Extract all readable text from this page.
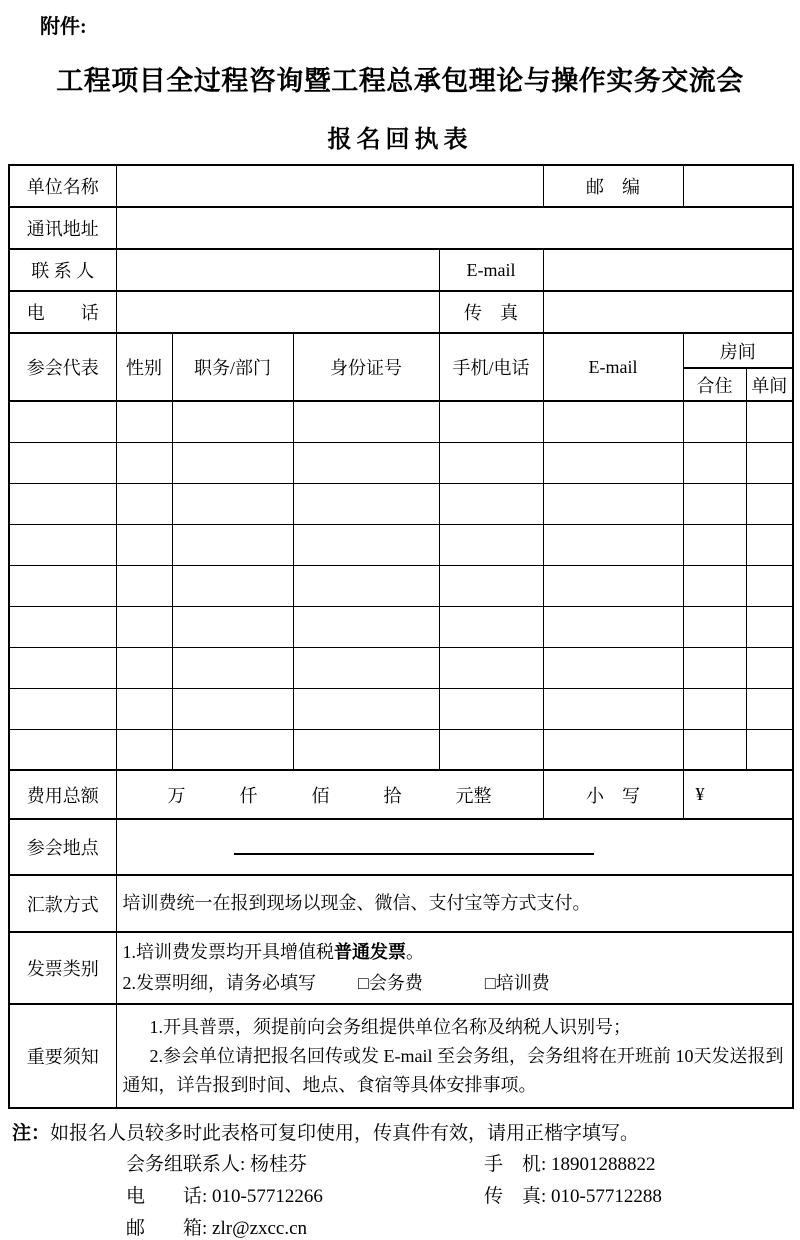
附件:
工程项目全过程咨询暨工程总承包理论与操作实务交流会
报名回执表
单位名称					邮　编		
通讯地址							
联 系 人				E-mail			
电　　话				传　真			
参会代表	性别	职务/部门	身份证号	手机/电话	E-mail	房间	
						合住	单间

费用总额	万　　　仟　　　佰　　　拾　　　元整				小　写	¥	
参会地点							

汇款方式	培训费统一在报到现场以现金、微信、支付宝等方式支付。						
发票类别	1.培训费发票均开具增值税普通发票。
2.发票明细，请务必填写 □会务费 □培训费						

重要须知	1.开具普票，须提前向会务组提供单位名称及纳税人识别号；
2.参会单位请把报名回传或发 E-mail 至会务组，会务组将在开班前 10天发送报到通知，详告报到时间、地点、食宿等具体安排事项。						
注：如报名人员较多时此表格可复印使用，传真件有效，请用正楷字填写。
会务组联系人: 杨桂芬	手　机: 18901288822
电　　话: 010-57712266	传　真: 010-57712288
邮　　箱: zlr@zxcc.cn
